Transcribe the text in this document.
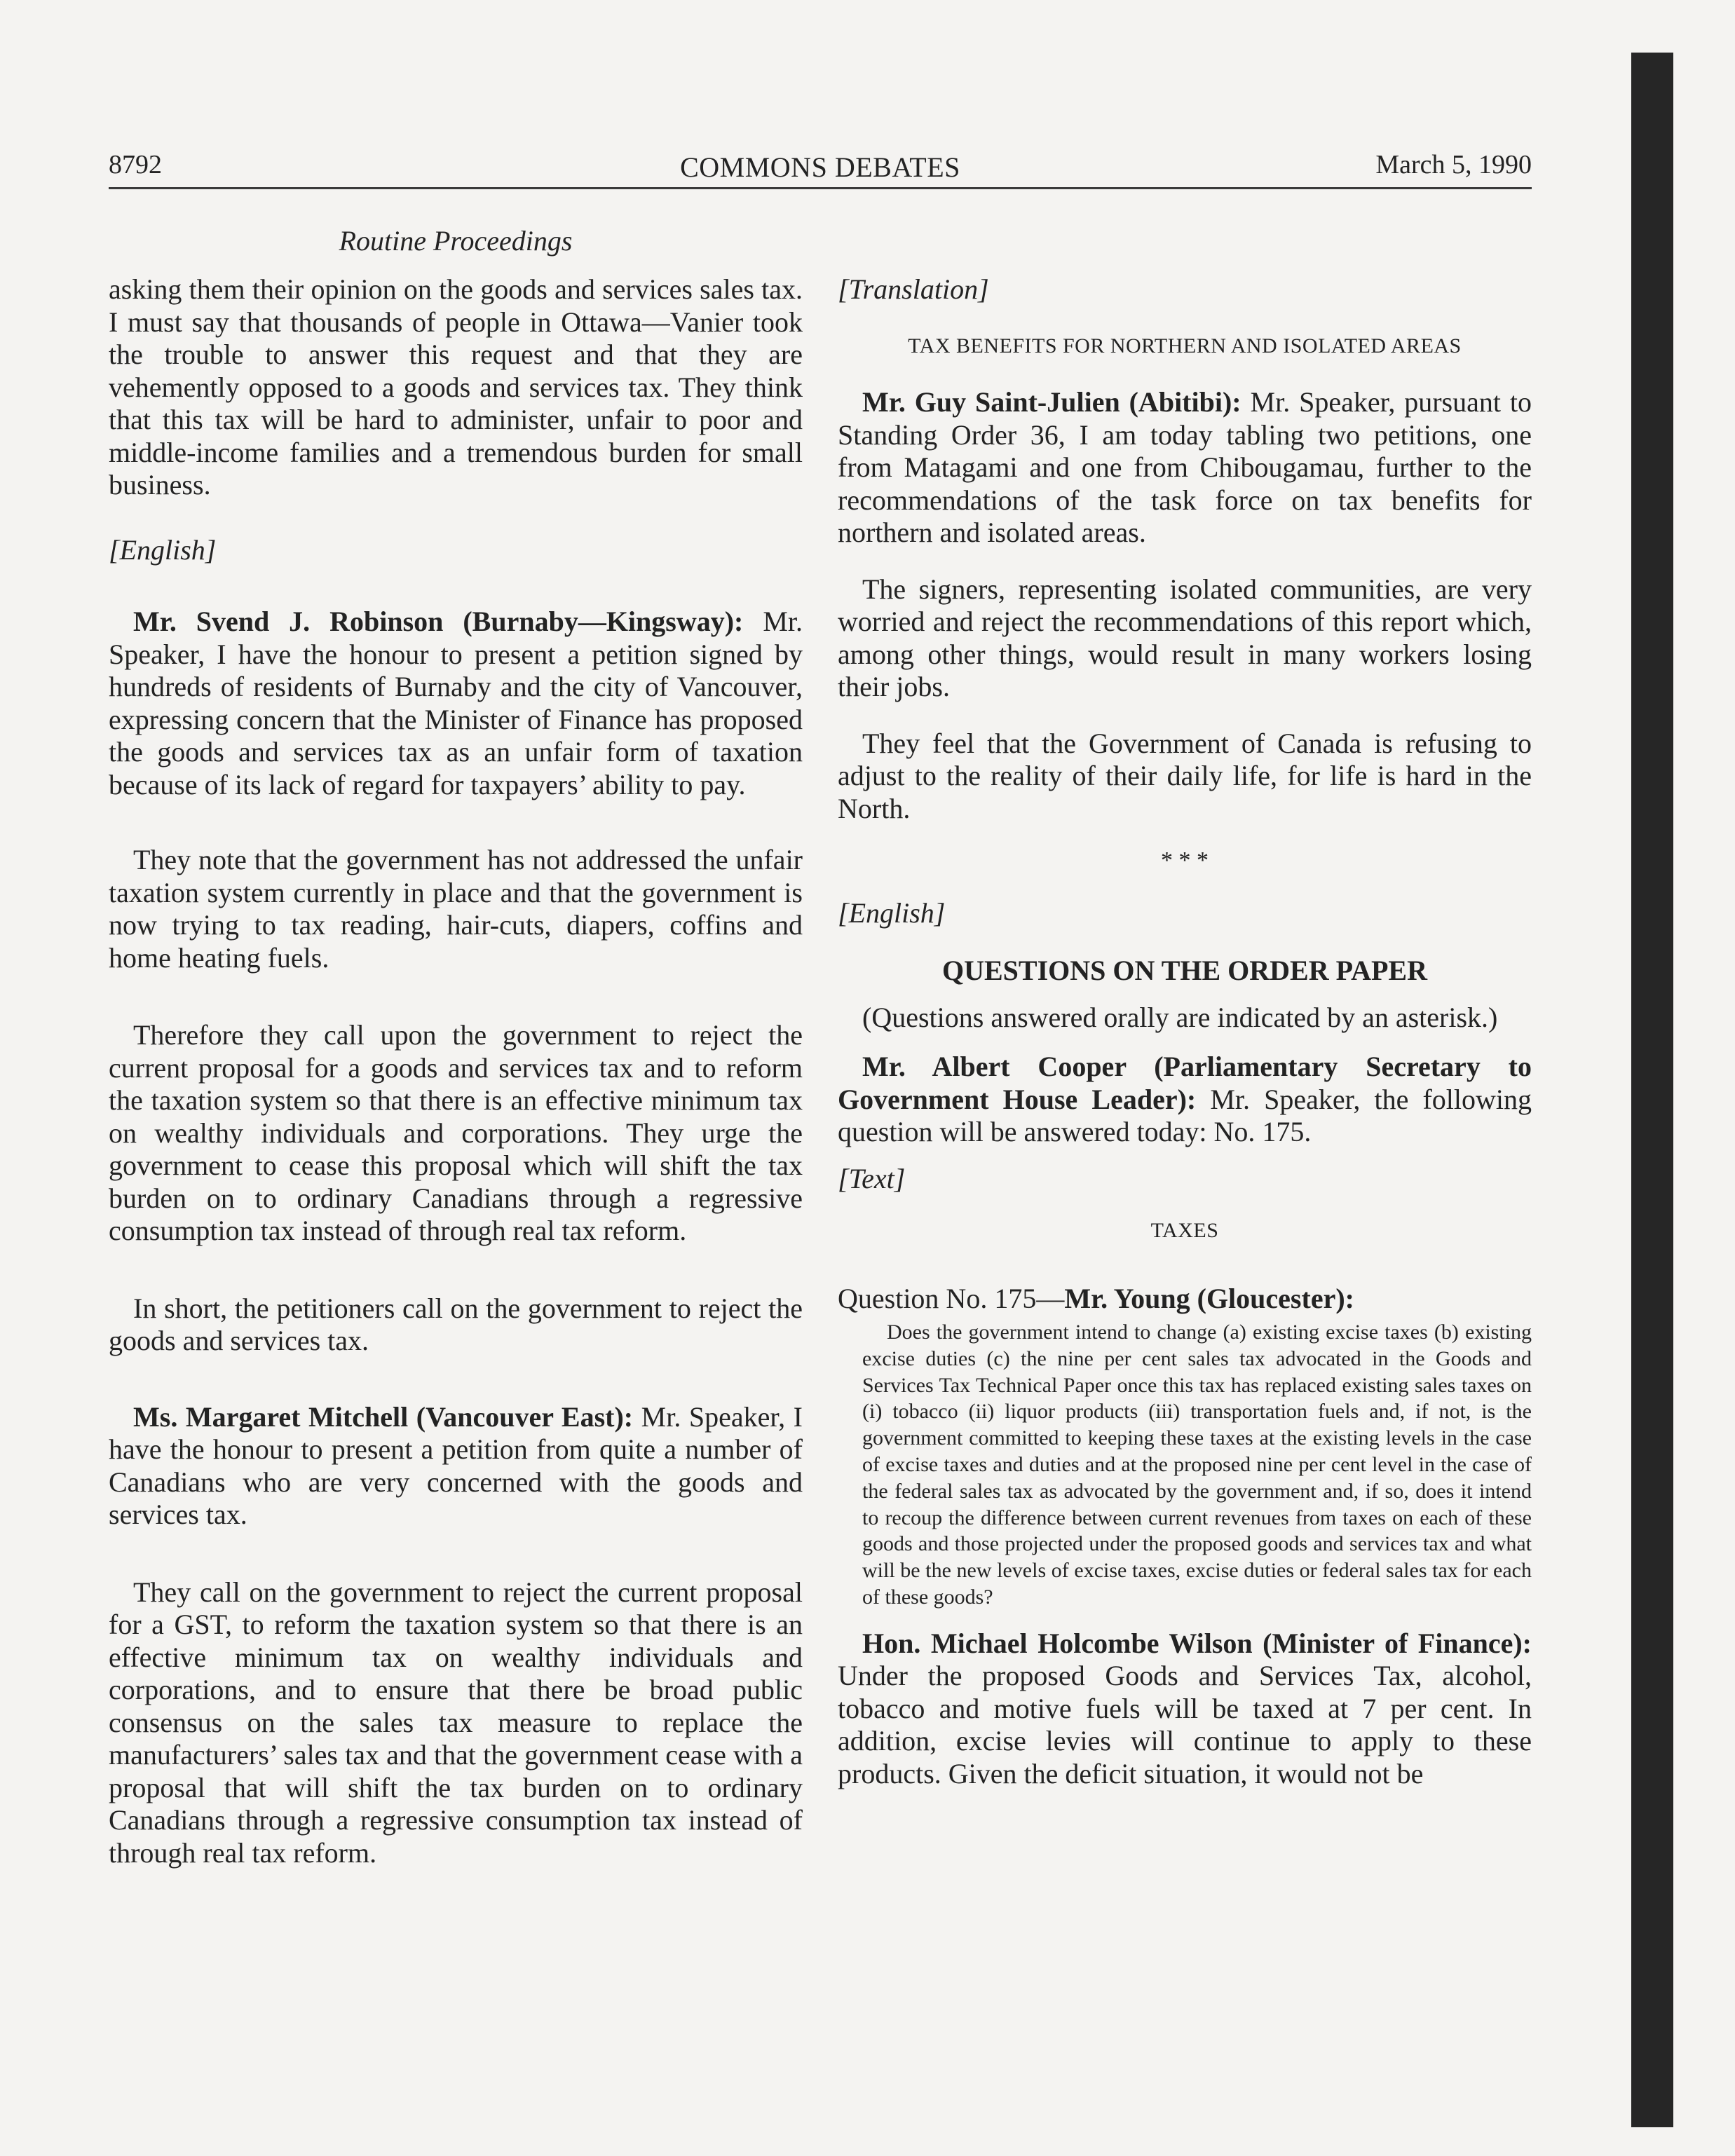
8792	COMMONS DEBATES	March 5, 1990
Routine Proceedings

asking them their opinion on the goods and services sales tax. I must say that thousands of people in Ottawa—Vanier took the trouble to answer this request and that they are vehemently opposed to a goods and services tax. They think that this tax will be hard to administer, unfair to poor and middle-income families and a tremendous burden for small business.

[English]

Mr. Svend J. Robinson (Burnaby—Kingsway): Mr. Speaker, I have the honour to present a petition signed by hundreds of residents of Burnaby and the city of Vancouver, expressing concern that the Minister of Finance has proposed the goods and services tax as an unfair form of taxation because of its lack of regard for taxpayers’ ability to pay.

They note that the government has not addressed the unfair taxation system currently in place and that the government is now trying to tax reading, hair-cuts, diapers, coffins and home heating fuels.

Therefore they call upon the government to reject the current proposal for a goods and services tax and to reform the taxation system so that there is an effective minimum tax on wealthy individuals and corporations. They urge the government to cease this proposal which will shift the tax burden on to ordinary Canadians through a regressive consumption tax instead of through real tax reform.

In short, the petitioners call on the government to reject the goods and services tax.

Ms. Margaret Mitchell (Vancouver East): Mr. Speaker, I have the honour to present a petition from quite a number of Canadians who are very concerned with the goods and services tax.

They call on the government to reject the current proposal for a GST, to reform the taxation system so that there is an effective minimum tax on wealthy individuals and corporations, and to ensure that there be broad public consensus on the sales tax measure to replace the manufacturers’ sales tax and that the government cease with a proposal that will shift the tax burden on to ordinary Canadians through a regressive consumption tax instead of through real tax reform.

[Translation]

TAX BENEFITS FOR NORTHERN AND ISOLATED AREAS

Mr. Guy Saint-Julien (Abitibi): Mr. Speaker, pursuant to Standing Order 36, I am today tabling two petitions, one from Matagami and one from Chibougamau, further to the recommendations of the task force on tax benefits for northern and isolated areas.

The signers, representing isolated communities, are very worried and reject the recommendations of this report which, among other things, would result in many workers losing their jobs.

They feel that the Government of Canada is refusing to adjust to the reality of their daily life, for life is hard in the North.

* * *

[English]

QUESTIONS ON THE ORDER PAPER

(Questions answered orally are indicated by an asterisk.)

Mr. Albert Cooper (Parliamentary Secretary to Government House Leader): Mr. Speaker, the following question will be answered today: No. 175.

[Text]

TAXES

Question No. 175—Mr. Young (Gloucester):

Does the government intend to change (a) existing excise taxes (b) existing excise duties (c) the nine per cent sales tax advocated in the Goods and Services Tax Technical Paper once this tax has replaced existing sales taxes on (i) tobacco (ii) liquor products (iii) transportation fuels and, if not, is the government committed to keeping these taxes at the existing levels in the case of excise taxes and duties and at the proposed nine per cent level in the case of the federal sales tax as advocated by the government and, if so, does it intend to recoup the difference between current revenues from taxes on each of these goods and those projected under the proposed goods and services tax and what will be the new levels of excise taxes, excise duties or federal sales tax for each of these goods?

Hon. Michael Holcombe Wilson (Minister of Finance): Under the proposed Goods and Services Tax, alcohol, tobacco and motive fuels will be taxed at 7 per cent. In addition, excise levies will continue to apply to these products. Given the deficit situation, it would not be
